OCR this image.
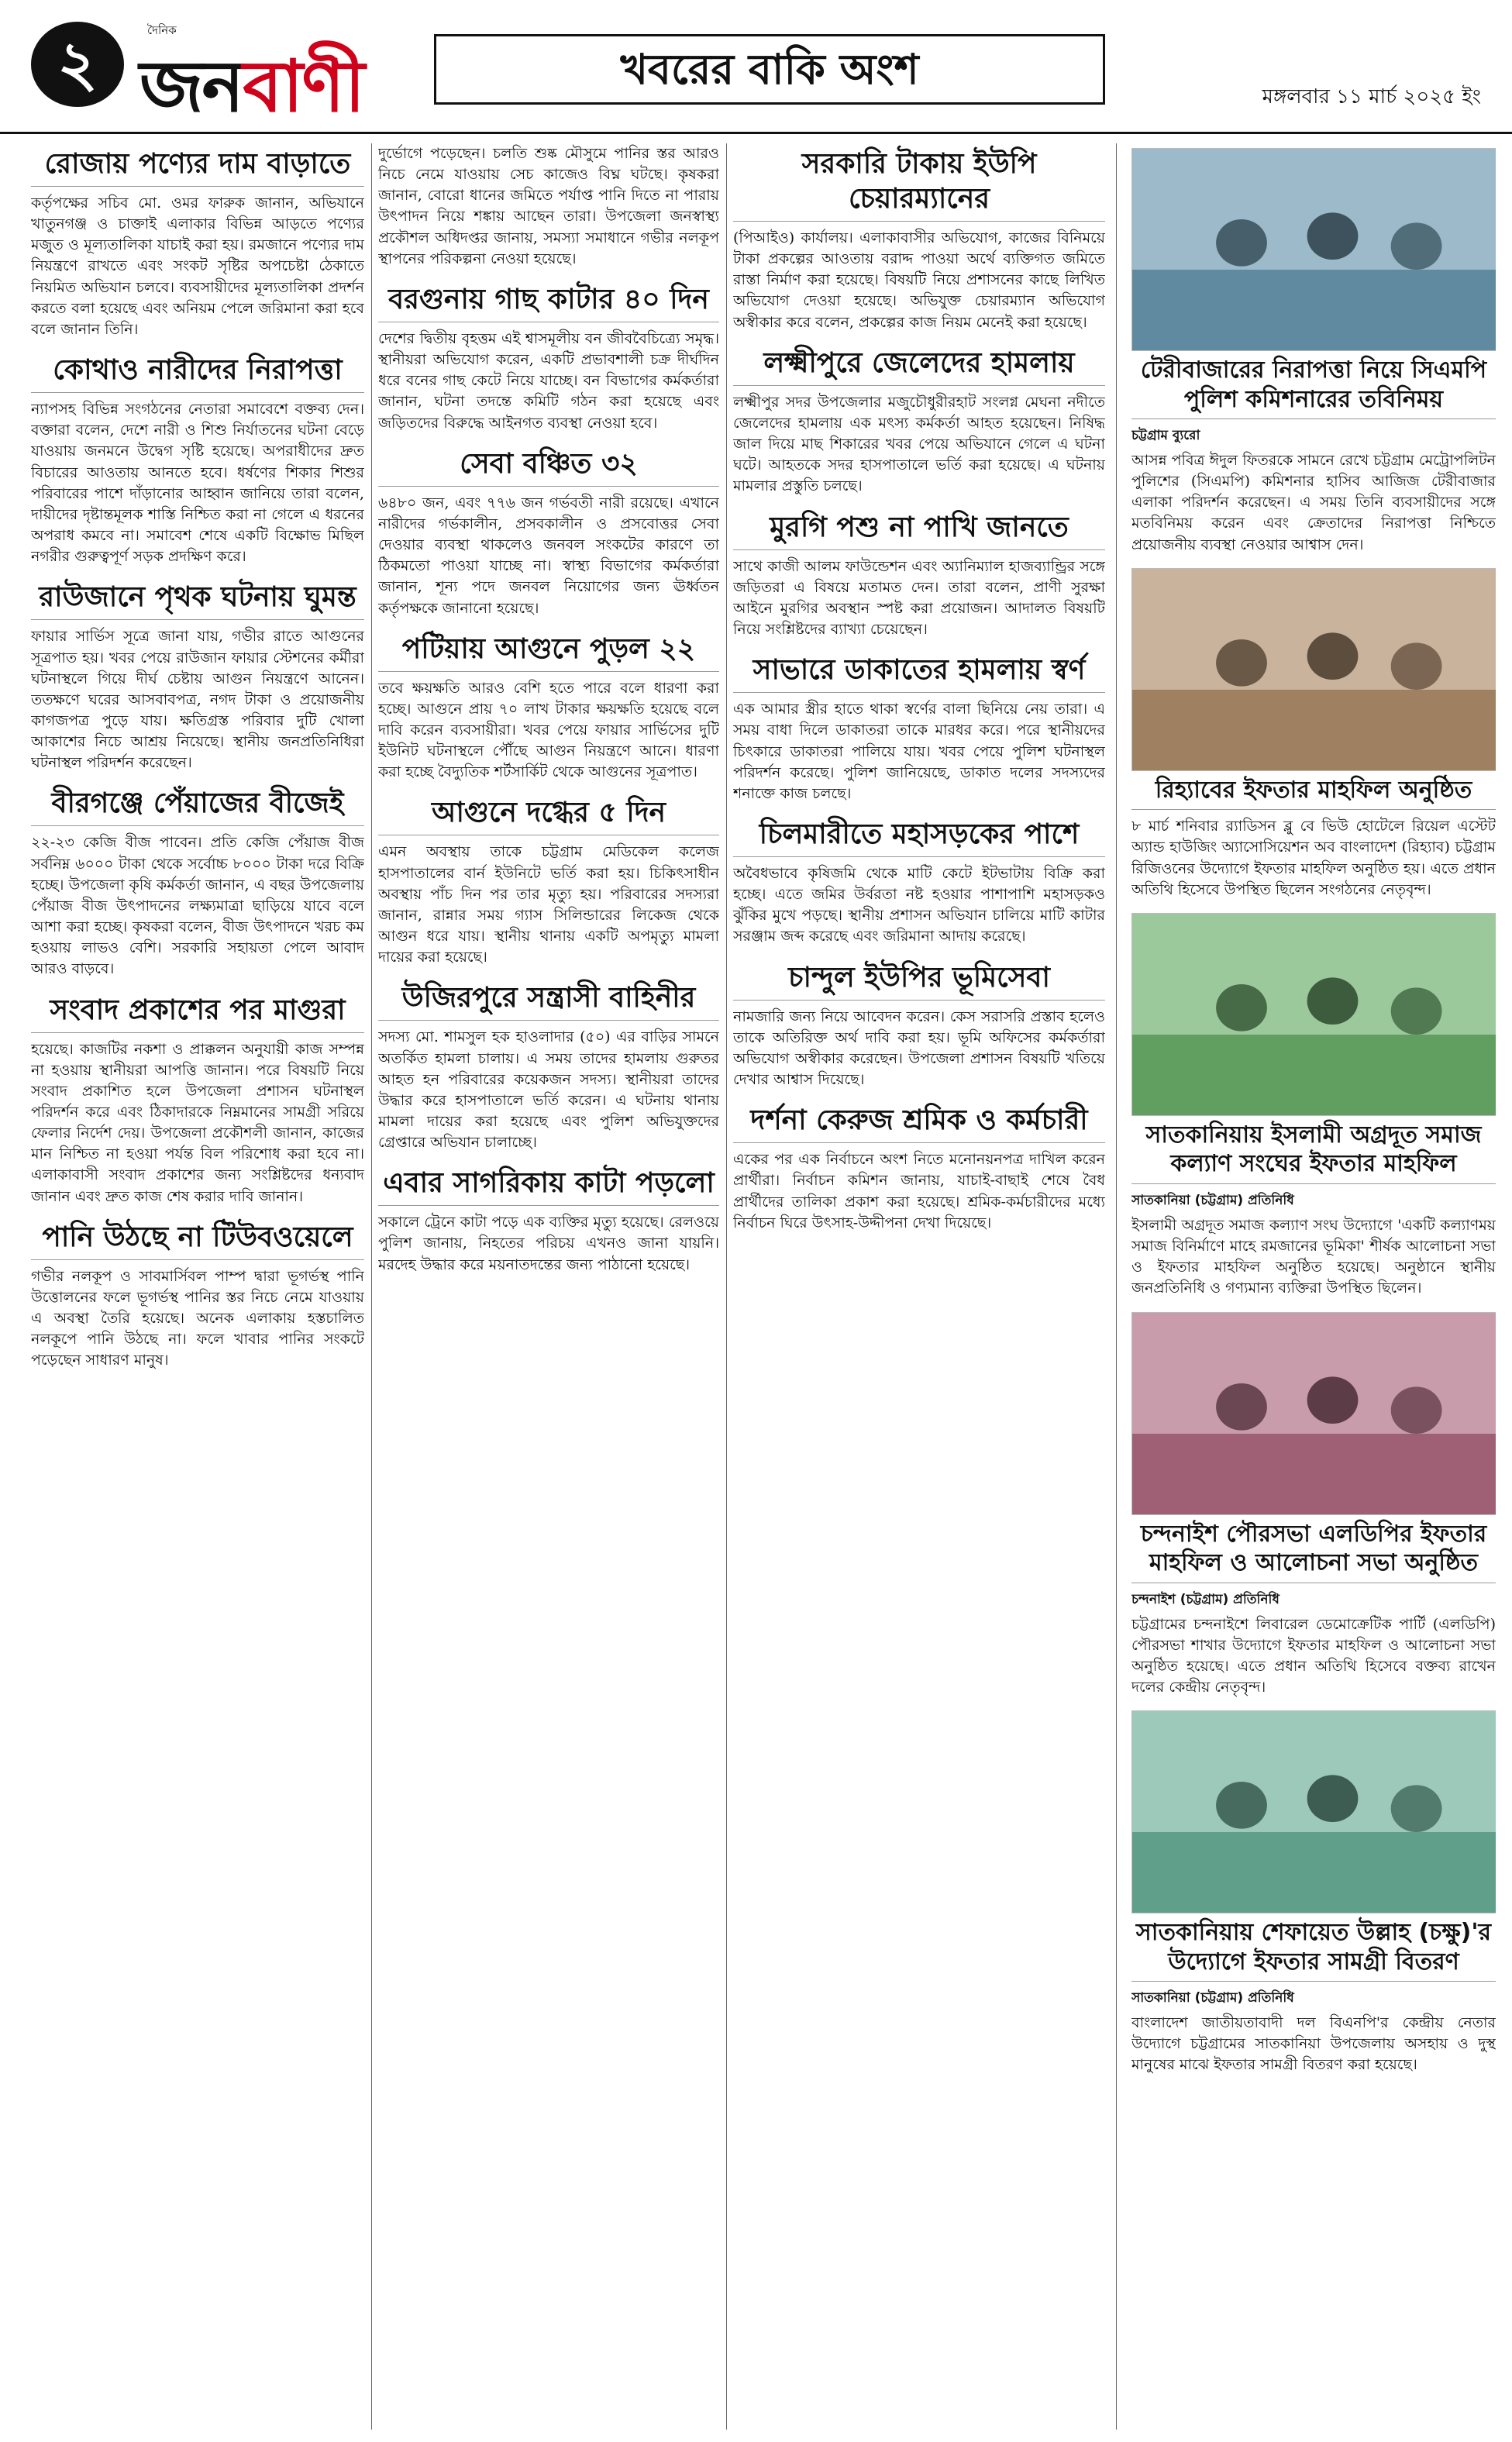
২	দৈনিক
জনবাণী	খবরের বাকি অংশ
মঙ্গলবার ১১ মার্চ ২০২৫ ইং
রোজায় পণ্যের দাম বাড়াতে

কর্তৃপক্ষের সচিব মো. ওমর ফারুক জানান, অভিযানে খাতুনগঞ্জ ও চাক্তাই এলাকার বিভিন্ন আড়তে পণ্যের মজুত ও মূল্যতালিকা যাচাই করা হয়। রমজানে পণ্যের দাম নিয়ন্ত্রণে রাখতে এবং সংকট সৃষ্টির অপচেষ্টা ঠেকাতে নিয়মিত অভিযান চলবে। ব্যবসায়ীদের মূল্যতালিকা প্রদর্শন করতে বলা হয়েছে এবং অনিয়ম পেলে জরিমানা করা হবে বলে জানান তিনি।

কোথাও নারীদের নিরাপত্তা

ন্যাপসহ বিভিন্ন সংগঠনের নেতারা সমাবেশে বক্তব্য দেন। বক্তারা বলেন, দেশে নারী ও শিশু নির্যাতনের ঘটনা বেড়ে যাওয়ায় জনমনে উদ্বেগ সৃষ্টি হয়েছে। অপরাধীদের দ্রুত বিচারের আওতায় আনতে হবে। ধর্ষণের শিকার শিশুর পরিবারের পাশে দাঁড়ানোর আহ্বান জানিয়ে তারা বলেন, দায়ীদের দৃষ্টান্তমূলক শাস্তি নিশ্চিত করা না গেলে এ ধরনের অপরাধ কমবে না। সমাবেশ শেষে একটি বিক্ষোভ মিছিল নগরীর গুরুত্বপূর্ণ সড়ক প্রদক্ষিণ করে।

রাউজানে পৃথক ঘটনায় ঘুমন্ত

ফায়ার সার্ভিস সূত্রে জানা যায়, গভীর রাতে আগুনের সূত্রপাত হয়। খবর পেয়ে রাউজান ফায়ার স্টেশনের কর্মীরা ঘটনাস্থলে গিয়ে দীর্ঘ চেষ্টায় আগুন নিয়ন্ত্রণে আনেন। ততক্ষণে ঘরের আসবাবপত্র, নগদ টাকা ও প্রয়োজনীয় কাগজপত্র পুড়ে যায়। ক্ষতিগ্রস্ত পরিবার দুটি খোলা আকাশের নিচে আশ্রয় নিয়েছে। স্থানীয় জনপ্রতিনিধিরা ঘটনাস্থল পরিদর্শন করেছেন।

বীরগঞ্জে পেঁয়াজের বীজেই

২২-২৩ কেজি বীজ পাবেন। প্রতি কেজি পেঁয়াজ বীজ সর্বনিম্ন ৬০০০ টাকা থেকে সর্বোচ্চ ৮০০০ টাকা দরে বিক্রি হচ্ছে। উপজেলা কৃষি কর্মকর্তা জানান, এ বছর উপজেলায় পেঁয়াজ বীজ উৎপাদনের লক্ষ্যমাত্রা ছাড়িয়ে যাবে বলে আশা করা হচ্ছে। কৃষকরা বলেন, বীজ উৎপাদনে খরচ কম হওয়ায় লাভও বেশি। সরকারি সহায়তা পেলে আবাদ আরও বাড়বে।

সংবাদ প্রকাশের পর মাগুরা

হয়েছে। কাজটির নকশা ও প্রাক্কলন অনুযায়ী কাজ সম্পন্ন না হওয়ায় স্থানীয়রা আপত্তি জানান। পরে বিষয়টি নিয়ে সংবাদ প্রকাশিত হলে উপজেলা প্রশাসন ঘটনাস্থল পরিদর্শন করে এবং ঠিকাদারকে নিম্নমানের সামগ্রী সরিয়ে ফেলার নির্দেশ দেয়। উপজেলা প্রকৌশলী জানান, কাজের মান নিশ্চিত না হওয়া পর্যন্ত বিল পরিশোধ করা হবে না। এলাকাবাসী সংবাদ প্রকাশের জন্য সংশ্লিষ্টদের ধন্যবাদ জানান এবং দ্রুত কাজ শেষ করার দাবি জানান।

পানি উঠছে না টিউবওয়েলে

গভীর নলকূপ ও সাবমার্সিবল পাম্প দ্বারা ভূগর্ভস্থ পানি উত্তোলনের ফলে ভূগর্ভস্থ পানির স্তর নিচে নেমে যাওয়ায় এ অবস্থা তৈরি হয়েছে। অনেক এলাকায় হস্তচালিত নলকূপে পানি উঠছে না। ফলে খাবার পানির সংকটে পড়েছেন সাধারণ মানুষ।

দুর্ভোগে পড়েছেন। চলতি শুষ্ক মৌসুমে পানির স্তর আরও নিচে নেমে যাওয়ায় সেচ কাজেও বিঘ্ন ঘটছে। কৃষকরা জানান, বোরো ধানের জমিতে পর্যাপ্ত পানি দিতে না পারায় উৎপাদন নিয়ে শঙ্কায় আছেন তারা। উপজেলা জনস্বাস্থ্য প্রকৌশল অধিদপ্তর জানায়, সমস্যা সমাধানে গভীর নলকূপ স্থাপনের পরিকল্পনা নেওয়া হয়েছে।

বরগুনায় গাছ কাটার ৪০ দিন

দেশের দ্বিতীয় বৃহত্তম এই শ্বাসমূলীয় বন জীববৈচিত্র্যে সমৃদ্ধ। স্থানীয়রা অভিযোগ করেন, একটি প্রভাবশালী চক্র দীর্ঘদিন ধরে বনের গাছ কেটে নিয়ে যাচ্ছে। বন বিভাগের কর্মকর্তারা জানান, ঘটনা তদন্তে কমিটি গঠন করা হয়েছে এবং জড়িতদের বিরুদ্ধে আইনগত ব্যবস্থা নেওয়া হবে।

সেবা বঞ্চিত ৩২

৬৪৮০ জন, এবং ৭৭৬ জন গর্ভবতী নারী রয়েছে। এখানে নারীদের গর্ভকালীন, প্রসবকালীন ও প্রসবোত্তর সেবা দেওয়ার ব্যবস্থা থাকলেও জনবল সংকটের কারণে তা ঠিকমতো পাওয়া যাচ্ছে না। স্বাস্থ্য বিভাগের কর্মকর্তারা জানান, শূন্য পদে জনবল নিয়োগের জন্য ঊর্ধ্বতন কর্তৃপক্ষকে জানানো হয়েছে।

পটিয়ায় আগুনে পুড়ল ২২

তবে ক্ষয়ক্ষতি আরও বেশি হতে পারে বলে ধারণা করা হচ্ছে। আগুনে প্রায় ৭০ লাখ টাকার ক্ষয়ক্ষতি হয়েছে বলে দাবি করেন ব্যবসায়ীরা। খবর পেয়ে ফায়ার সার্ভিসের দুটি ইউনিট ঘটনাস্থলে পৌঁছে আগুন নিয়ন্ত্রণে আনে। ধারণা করা হচ্ছে বৈদ্যুতিক শর্টসার্কিট থেকে আগুনের সূত্রপাত।

আগুনে দগ্ধের ৫ দিন

এমন অবস্থায় তাকে চট্টগ্রাম মেডিকেল কলেজ হাসপাতালের বার্ন ইউনিটে ভর্তি করা হয়। চিকিৎসাধীন অবস্থায় পাঁচ দিন পর তার মৃত্যু হয়। পরিবারের সদস্যরা জানান, রান্নার সময় গ্যাস সিলিন্ডারের লিকেজ থেকে আগুন ধরে যায়। স্থানীয় থানায় একটি অপমৃত্যু মামলা দায়ের করা হয়েছে।

উজিরপুরে সন্ত্রাসী বাহিনীর

সদস্য মো. শামসুল হক হাওলাদার (৫০) এর বাড়ির সামনে অতর্কিত হামলা চালায়। এ সময় তাদের হামলায় গুরুতর আহত হন পরিবারের কয়েকজন সদস্য। স্থানীয়রা তাদের উদ্ধার করে হাসপাতালে ভর্তি করেন। এ ঘটনায় থানায় মামলা দায়ের করা হয়েছে এবং পুলিশ অভিযুক্তদের গ্রেপ্তারে অভিযান চালাচ্ছে।

এবার সাগরিকায় কাটা পড়লো

সকালে ট্রেনে কাটা পড়ে এক ব্যক্তির মৃত্যু হয়েছে। রেলওয়ে পুলিশ জানায়, নিহতের পরিচয় এখনও জানা যায়নি। মরদেহ উদ্ধার করে ময়নাতদন্তের জন্য পাঠানো হয়েছে।

সরকারি টাকায় ইউপি চেয়ারম্যানের

(পিআইও) কার্যালয়। এলাকাবাসীর অভিযোগ, কাজের বিনিময়ে টাকা প্রকল্পের আওতায় বরাদ্দ পাওয়া অর্থে ব্যক্তিগত জমিতে রাস্তা নির্মাণ করা হয়েছে। বিষয়টি নিয়ে প্রশাসনের কাছে লিখিত অভিযোগ দেওয়া হয়েছে। অভিযুক্ত চেয়ারম্যান অভিযোগ অস্বীকার করে বলেন, প্রকল্পের কাজ নিয়ম মেনেই করা হয়েছে।

লক্ষ্মীপুরে জেলেদের হামলায়

লক্ষ্মীপুর সদর উপজেলার মজুচৌধুরীরহাট সংলগ্ন মেঘনা নদীতে জেলেদের হামলায় এক মৎস্য কর্মকর্তা আহত হয়েছেন। নিষিদ্ধ জাল দিয়ে মাছ শিকারের খবর পেয়ে অভিযানে গেলে এ ঘটনা ঘটে। আহতকে সদর হাসপাতালে ভর্তি করা হয়েছে। এ ঘটনায় মামলার প্রস্তুতি চলছে।

মুরগি পশু না পাখি জানতে

সাথে কাজী আলম ফাউন্ডেশন এবং অ্যানিম্যাল হাজব্যান্ড্রির সঙ্গে জড়িতরা এ বিষয়ে মতামত দেন। তারা বলেন, প্রাণী সুরক্ষা আইনে মুরগির অবস্থান স্পষ্ট করা প্রয়োজন। আদালত বিষয়টি নিয়ে সংশ্লিষ্টদের ব্যাখ্যা চেয়েছেন।

সাভারে ডাকাতের হামলায় স্বর্ণ

এক আমার স্ত্রীর হাতে থাকা স্বর্ণের বালা ছিনিয়ে নেয় তারা। এ সময় বাধা দিলে ডাকাতরা তাকে মারধর করে। পরে স্থানীয়দের চিৎকারে ডাকাতরা পালিয়ে যায়। খবর পেয়ে পুলিশ ঘটনাস্থল পরিদর্শন করেছে। পুলিশ জানিয়েছে, ডাকাত দলের সদস্যদের শনাক্তে কাজ চলছে।

চিলমারীতে মহাসড়কের পাশে

অবৈধভাবে কৃষিজমি থেকে মাটি কেটে ইটভাটায় বিক্রি করা হচ্ছে। এতে জমির উর্বরতা নষ্ট হওয়ার পাশাপাশি মহাসড়কও ঝুঁকির মুখে পড়ছে। স্থানীয় প্রশাসন অভিযান চালিয়ে মাটি কাটার সরঞ্জাম জব্দ করেছে এবং জরিমানা আদায় করেছে।

চান্দুল ইউপির ভূমিসেবা

নামজারি জন্য নিয়ে আবেদন করেন। কেস সরাসরি প্রস্তাব হলেও তাকে অতিরিক্ত অর্থ দাবি করা হয়। ভূমি অফিসের কর্মকর্তারা অভিযোগ অস্বীকার করেছেন। উপজেলা প্রশাসন বিষয়টি খতিয়ে দেখার আশ্বাস দিয়েছে।

দর্শনা কেরুজ শ্রমিক ও কর্মচারী

একের পর এক নির্বাচনে অংশ নিতে মনোনয়নপত্র দাখিল করেন প্রার্থীরা। নির্বাচন কমিশন জানায়, যাচাই-বাছাই শেষে বৈধ প্রার্থীদের তালিকা প্রকাশ করা হয়েছে। শ্রমিক-কর্মচারীদের মধ্যে নির্বাচন ঘিরে উৎসাহ-উদ্দীপনা দেখা দিয়েছে।

টেরীবাজারের নিরাপত্তা নিয়ে সিএমপি পুলিশ কমিশনারের তবিনিময়
চট্টগ্রাম ব্যুরো

আসন্ন পবিত্র ঈদুল ফিতরকে সামনে রেখে চট্টগ্রাম মেট্রোপলিটন পুলিশের (সিএমপি) কমিশনার হাসিব আজিজ টেরীবাজার এলাকা পরিদর্শন করেছেন। এ সময় তিনি ব্যবসায়ীদের সঙ্গে মতবিনিময় করেন এবং ক্রেতাদের নিরাপত্তা নিশ্চিতে প্রয়োজনীয় ব্যবস্থা নেওয়ার আশ্বাস দেন।

রিহ্যাবের ইফতার মাহফিল অনুষ্ঠিত

৮ মার্চ শনিবার র‍্যাডিসন ব্লু বে ভিউ হোটেলে রিয়েল এস্টেট অ্যান্ড হাউজিং অ্যাসোসিয়েশন অব বাংলাদেশ (রিহ্যাব) চট্টগ্রাম রিজিওনের উদ্যোগে ইফতার মাহফিল অনুষ্ঠিত হয়। এতে প্রধান অতিথি হিসেবে উপস্থিত ছিলেন সংগঠনের নেতৃবৃন্দ।

সাতকানিয়ায় ইসলামী অগ্রদূত সমাজ কল্যাণ সংঘের ইফতার মাহফিল
সাতকানিয়া (চট্টগ্রাম) প্রতিনিধি

ইসলামী অগ্রদূত সমাজ কল্যাণ সংঘ উদ্যোগে 'একটি কল্যাণময় সমাজ বিনির্মাণে মাহে রমজানের ভূমিকা' শীর্ষক আলোচনা সভা ও ইফতার মাহফিল অনুষ্ঠিত হয়েছে। অনুষ্ঠানে স্থানীয় জনপ্রতিনিধি ও গণ্যমান্য ব্যক্তিরা উপস্থিত ছিলেন।

চন্দনাইশ পৌরসভা এলডিপির ইফতার মাহফিল ও আলোচনা সভা অনুষ্ঠিত
চন্দনাইশ (চট্টগ্রাম) প্রতিনিধি

চট্টগ্রামের চন্দনাইশে লিবারেল ডেমোক্রেটিক পার্টি (এলডিপি) পৌরসভা শাখার উদ্যোগে ইফতার মাহফিল ও আলোচনা সভা অনুষ্ঠিত হয়েছে। এতে প্রধান অতিথি হিসেবে বক্তব্য রাখেন দলের কেন্দ্রীয় নেতৃবৃন্দ।

সাতকানিয়ায় শেফায়েত উল্লাহ (চক্ষু)'র উদ্যোগে ইফতার সামগ্রী বিতরণ
সাতকানিয়া (চট্টগ্রাম) প্রতিনিধি

বাংলাদেশ জাতীয়তাবাদী দল বিএনপি'র কেন্দ্রীয় নেতার উদ্যোগে চট্টগ্রামের সাতকানিয়া উপজেলায় অসহায় ও দুস্থ মানুষের মাঝে ইফতার সামগ্রী বিতরণ করা হয়েছে।
